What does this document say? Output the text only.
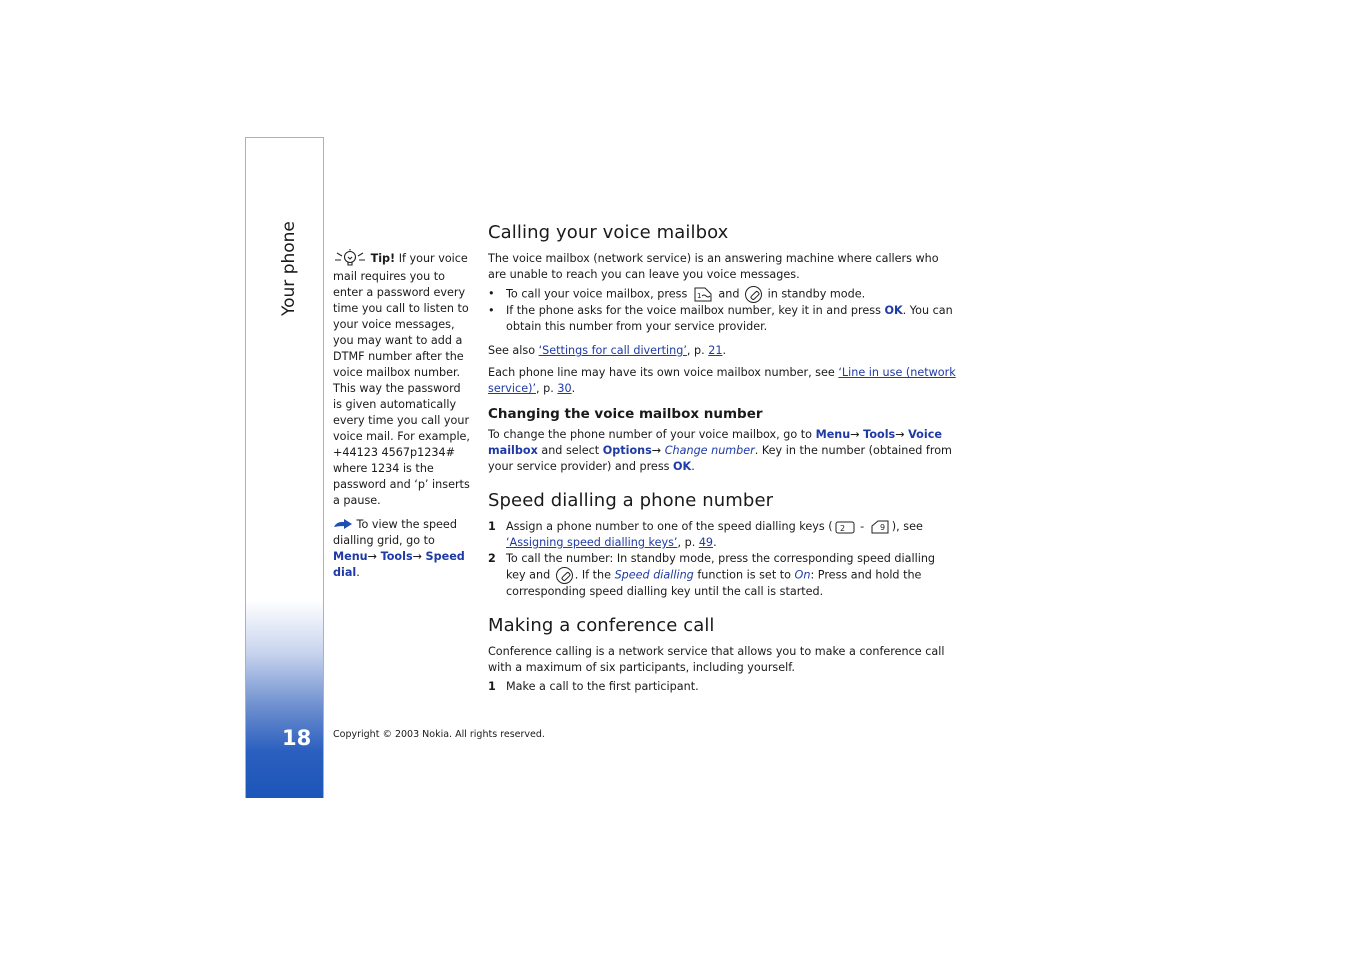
Your phone
18

Tip! If your voice mail requires you to enter a password every time you call to listen to your voice messages, you may want to add a DTMF number after the voice mailbox number. This way the password is given automatically every time you call your voice mail. For example, +44123 4567p1234# where 1234 is the password and ‘p’ inserts a pause.

To view the speed dialling grid, go to Menu→ Tools→ Speed dial.

Calling your voice mailbox

The voice mailbox (network service) is an answering machine where callers who are unable to reach you can leave you voice messages.

• To call your voice mailbox, press 1 and	in standby mode.
• If the phone asks for the voice mailbox number, key it in and press OK. You can obtain this number from your service provider.

See also ‘Settings for call diverting’, p. 21.

Each phone line may have its own voice mailbox number, see ‘Line in use (network service)’, p. 30.

Changing the voice mailbox number

To change the phone number of your voice mailbox, go to Menu→ Tools→ Voice mailbox and select Options→ Change number. Key in the number (obtained from your service provider) and press OK.

Speed dialling a phone number
1 Assign a phone number to one of the speed dialling keys ( 2 - 9 ), see ‘Assigning speed dialling keys’, p. 49.
2 To call the number: In standby mode, press the corresponding speed dialling key and . If the Speed dialling function is set to On: Press and hold the corresponding speed dialling key until the call is started.
Making a conference call

Conference calling is a network service that allows you to make a conference call with a maximum of six participants, including yourself.

1 Make a call to the first participant.
Copyright © 2003 Nokia. All rights reserved.
